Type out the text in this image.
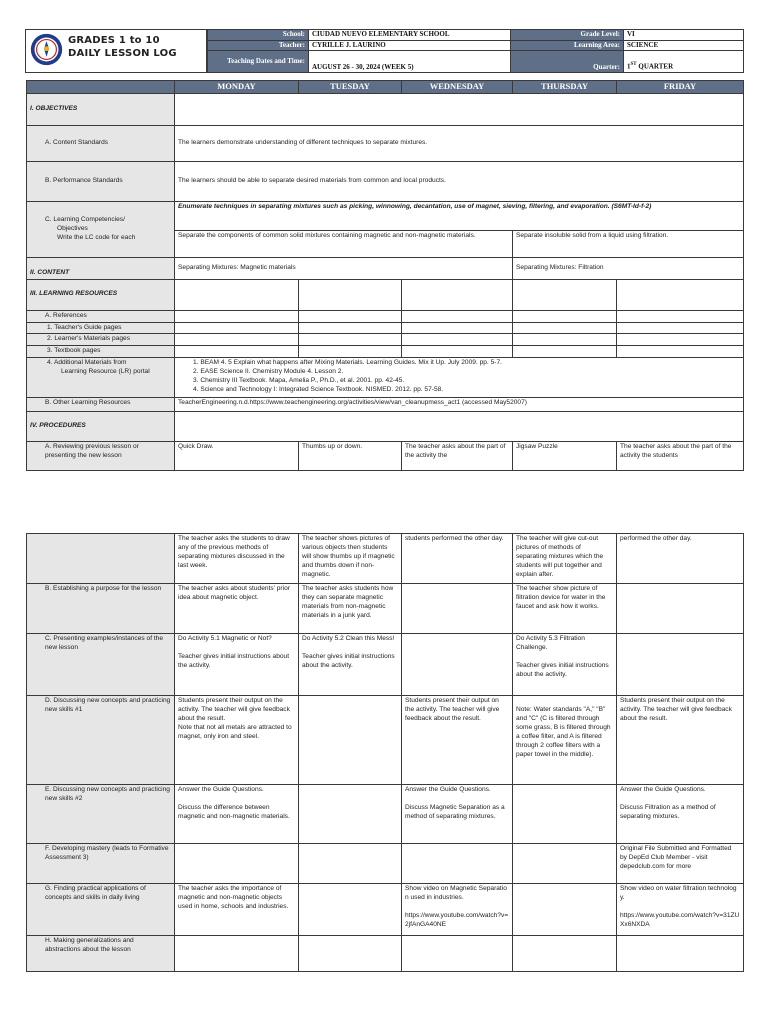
GRADES 1 to 10
DAILY LESSON LOG
School:	CIUDAD NUEVO ELEMENTARY SCHOOL	Grade Level:	VI
Teacher:	CYRILLE J. LAURINO	Learning Area:	SCIENCE
Teaching Dates and Time:	AUGUST 26 - 30, 2024 (WEEK 5)	Quarter:	1ST QUARTER
	MONDAY	TUESDAY	WEDNESDAY	THURSDAY	FRIDAY
I. OBJECTIVES					
A. Content Standards	The learners demonstrate understanding of different techniques to separate mixtures.				
B. Performance Standards	The learners should be able to separate desired materials from common and local products.				

C. Learning Competencies/
Objectives
Write the LC code for each	Enumerate techniques in separating mixtures such as picking, winnowing, decantation, use of magnet, sieving, filtering, and evaporation. (S6MT-Id-f-2)				
	Separate the components of common solid mixtures containing magnetic and non-magnetic materials.			Separate insoluble solid from a liquid using filtration.	
II. CONTENT	Separating Mixtures: Magnetic materials			Separating Mixtures: Filtration	
III. LEARNING RESOURCES					
A. References					
1. Teacher's Guide pages					
2. Learner's Materials pages					
3. Textbook pages					

4. Additional Materials from
Learning Resource (LR) portal	1. BEAM 4. 5 Explain what happens after Mixing Materials. Learning Guides. Mix it Up. July 2009. pp. 5-7.
2. EASE Science II. Chemistry Module 4. Lesson 2.
3. Chemistry III Textbook. Mapa, Amelia P., Ph.D., et al. 2001. pp. 42-45.
4. Science and Technology I: Integrated Science Textbook. NISMED. 2012. pp. 57-58.				

B. Other Learning Resources	TeacherEngineering.n.d.https://www.teachengineering.org/activities/view/van_cleanupmess_act1 (accessed May52007)				
IV. PROCEDURES					
A. Reviewing previous lesson or presenting the new lesson	Quick Draw.	Thumbs up or down.	The teacher asks about the part of the activity the	Jigsaw Puzzle	The teacher asks about the part of the activity the students
	The teacher asks the students to draw any of the previous methods of separating mixtures discussed in the last week.	The teacher shows pictures of various objects then students will show thumbs up if magnetic and thumbs down if non-magnetic.	students performed the other day.	The teacher will give cut-out pictures of methods of separating mixtures which the students will put together and explain after.	performed the other day.
B. Establishing a purpose for the lesson	The teacher asks about students' prior idea about magnetic object.	The teacher asks students how they can separate magnetic materials from non-magnetic materials in a junk yard.		The teacher show picture of filtration device for water in the faucet and ask how it works.	
C. Presenting examples/instances of the new lesson	Do Activity 5.1 Magnetic or Not?

Teacher gives initial instructions about the activity.	Do Activity 5.2 Clean this Mess!

Teacher gives initial instructions about the activity.		Do Activity 5.3 Filtration Challenge.

Teacher gives initial instructions about the activity.	
D. Discussing new concepts and practicing new skills #1	Students present their output on the activity. The teacher will give feedback about the result.
Note that not all metals are attracted to magnet, only iron and steel.		Students present their output on the activity. The teacher will give feedback about the result.	Note: Water standards "A," "B" and "C" (C is filtered through some grass, B is filtered through a coffee filter, and A is filtered through 2 coffee filters with a paper towel in the middle).	Students present their output on the activity. The teacher will give feedback about the result.
E. Discussing new concepts and practicing new skills #2	Answer the Guide Questions.

Discuss the difference between magnetic and non-magnetic materials.		Answer the Guide Questions.

Discuss Magnetic Separation as a method of separating mixtures.		Answer the Guide Questions.

Discuss Filtration as a method of separating mixtures.
F. Developing mastery (leads to Formative Assessment 3)					Original File Submitted and Formatted by DepEd Club Member - visit depedclub.com for more
G. Finding practical applications of concepts and skills in daily living	The teacher asks the importance of magnetic and non-magnetic objects used in home, schools and industries.		Show video on Magnetic Separation used in industries.

https://www.youtube.com/watch?v=2jfAnGA40NE		Show video on water filtration technology.

https://www.youtube.com/watch?v=31ZUXx6NXDA
H. Making generalizations and abstractions about the lesson					
